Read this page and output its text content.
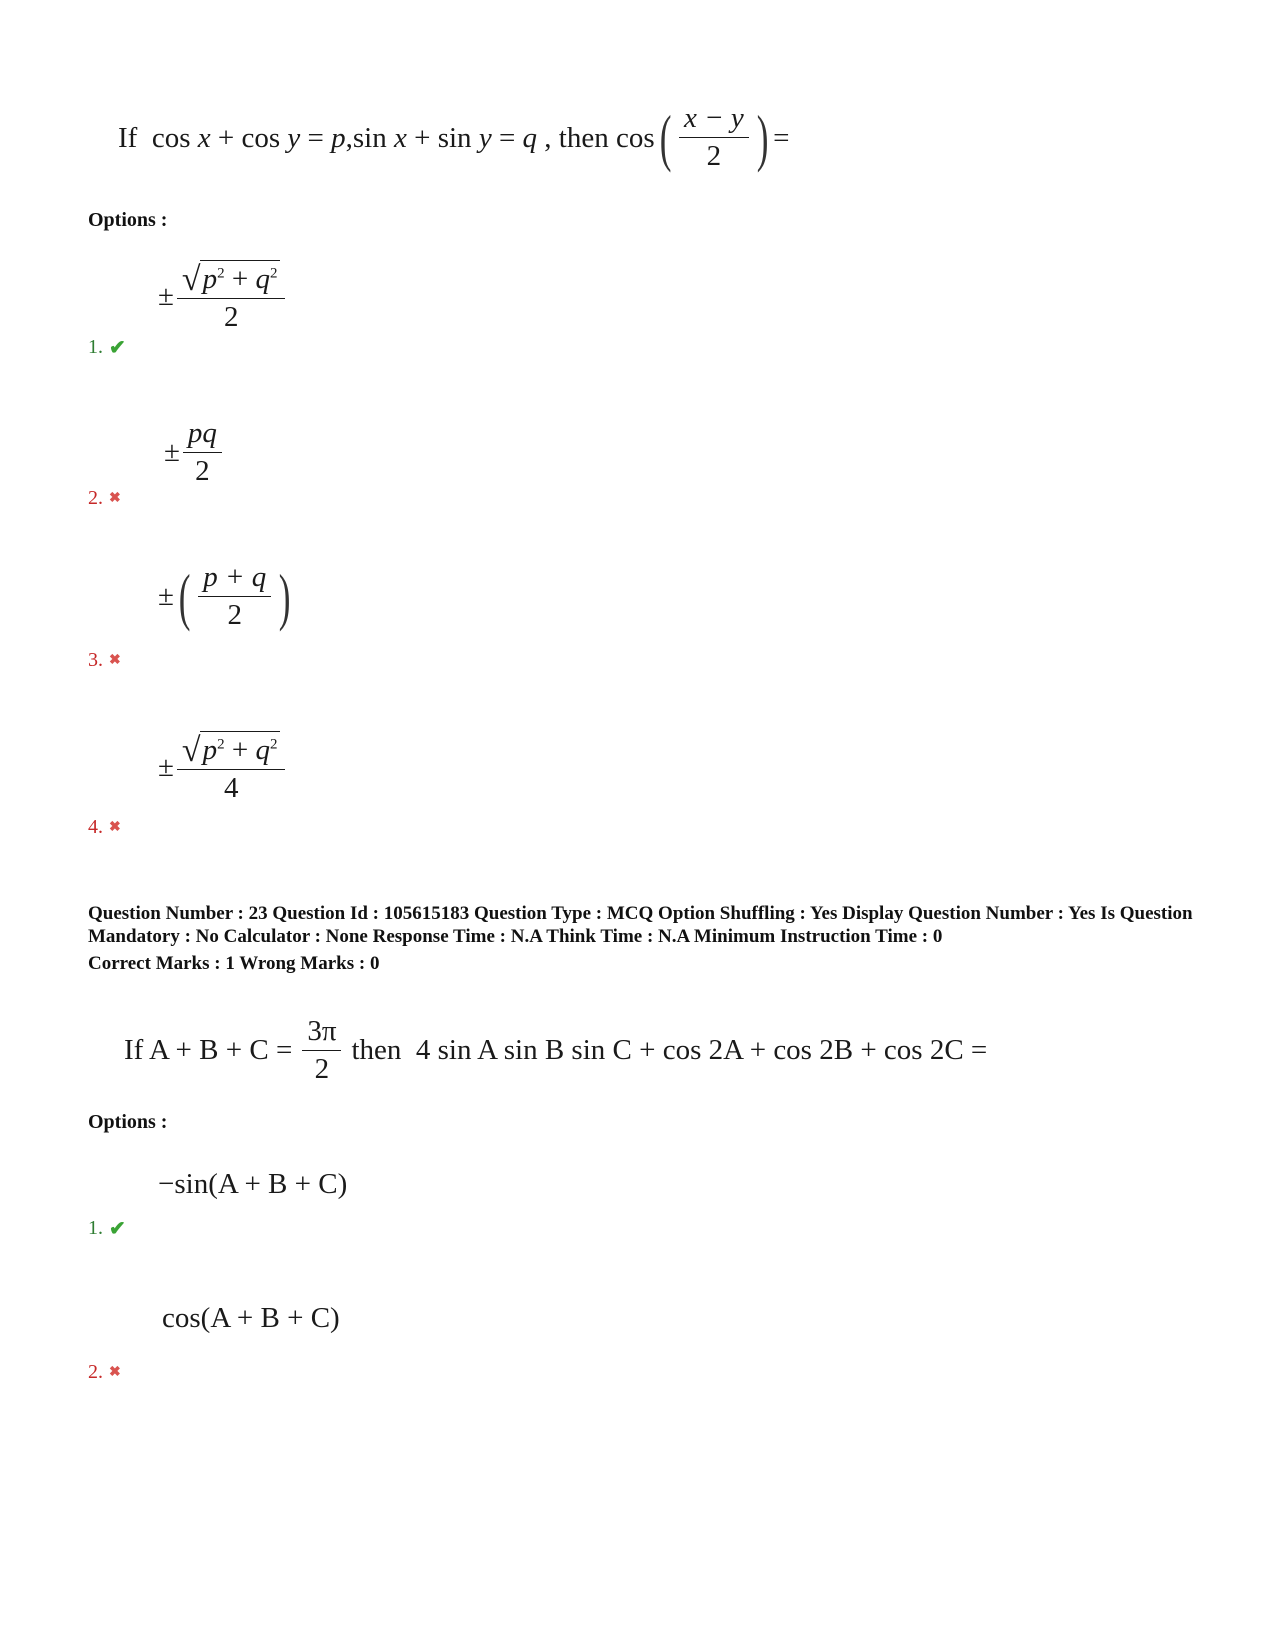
If
cos
x
+
cos
y
=
p , sin
x
+
sin
y
=
q
,
then
cos ( $\frac{x - y}{2}$ ) =
Options :
± $\frac{√ p^2 + q^2}{2}$
1. ✔
± $\frac{pq}{2}$
2. ✖
± ( $\frac{p + q}{2}$ )
3. ✖
± $\frac{√ p^2 + q^2}{4}$
4. ✖
Question Number : 23 Question Id : 105615183 Question Type : MCQ Option Shuffling : Yes Display Question Number : Yes Is Question Mandatory : No Calculator : None Response Time : N.A Think Time : N.A Minimum Instruction Time : 0
Correct Marks : 1 Wrong Marks : 0
If $A + B + C = \frac{3\pi}{2}$ then  4 sin A sin B sin C + cos 2A + cos 2B + cos 2C =
Options :
−sin(A + B + C)
1. ✔
cos(A + B + C)
2. ✖
